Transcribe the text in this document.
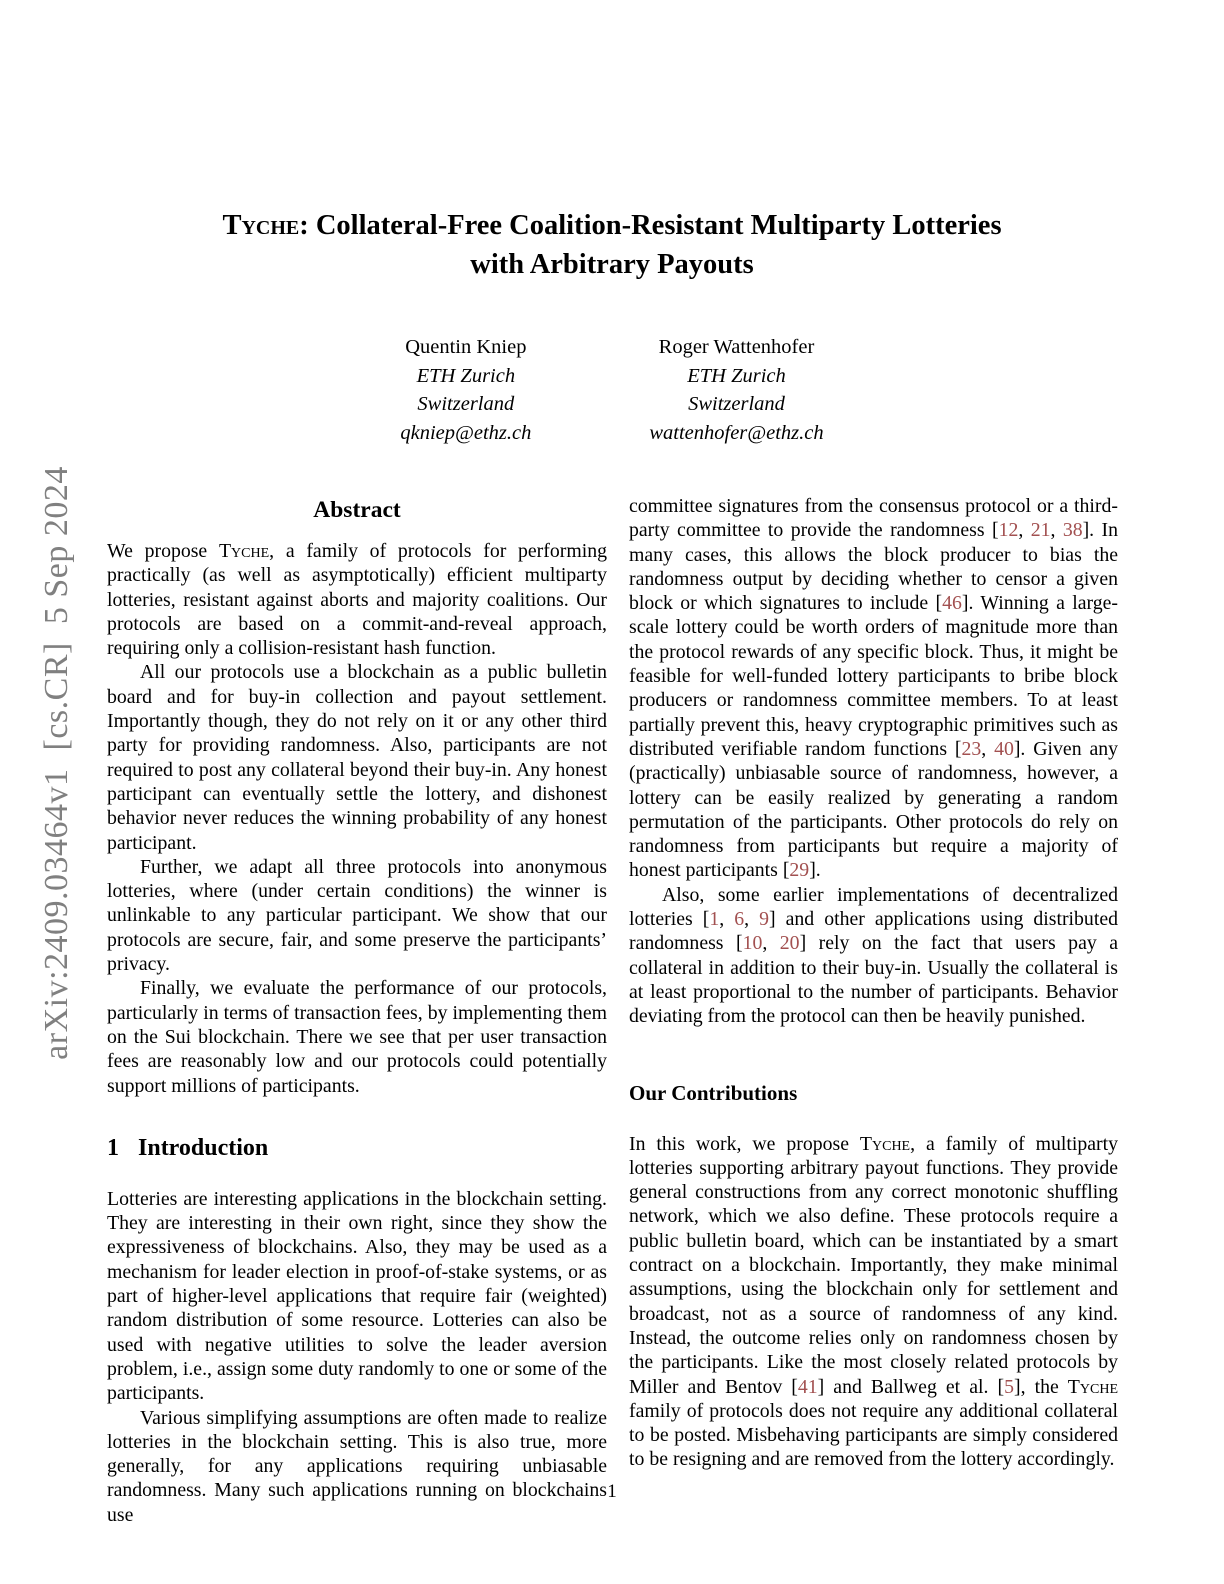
arXiv:2409.03464v1  [cs.CR]  5 Sep 2024
Tyche: Collateral-Free Coalition-Resistant Multiparty Lotteries
with Arbitrary Payouts
Quentin Kniep
ETH Zurich
Switzerland
qkniep@ethz.ch
Roger Wattenhofer
ETH Zurich
Switzerland
wattenhofer@ethz.ch
Abstract

We propose Tyche, a family of protocols for performing practically (as well as asymptotically) efficient multiparty lotteries, resistant against aborts and majority coalitions. Our protocols are based on a commit-and-reveal approach, requiring only a collision-resistant hash function.

All our protocols use a blockchain as a public bulletin board and for buy-in collection and payout settlement. Importantly though, they do not rely on it or any other third party for providing randomness. Also, participants are not required to post any collateral beyond their buy-in. Any honest participant can eventually settle the lottery, and dishonest behavior never reduces the winning probability of any honest participant.

Further, we adapt all three protocols into anonymous lotteries, where (under certain conditions) the winner is unlinkable to any particular participant. We show that our protocols are secure, fair, and some preserve the participants’ privacy.

Finally, we evaluate the performance of our protocols, particularly in terms of transaction fees, by implementing them on the Sui blockchain. There we see that per user transaction fees are reasonably low and our protocols could potentially support millions of participants.

1 Introduction

Lotteries are interesting applications in the blockchain setting. They are interesting in their own right, since they show the expressiveness of blockchains. Also, they may be used as a mechanism for leader election in proof-of-stake systems, or as part of higher-level applications that require fair (weighted) random distribution of some resource. Lotteries can also be used with negative utilities to solve the leader aversion problem, i.e., assign some duty randomly to one or some of the participants.

Various simplifying assumptions are often made to realize lotteries in the blockchain setting. This is also true, more generally, for any applications requiring unbiasable randomness. Many such applications running on blockchains use

committee signatures from the consensus protocol or a third-party committee to provide the randomness [12, 21, 38]. In many cases, this allows the block producer to bias the randomness output by deciding whether to censor a given block or which signatures to include [46]. Winning a large-scale lottery could be worth orders of magnitude more than the protocol rewards of any specific block. Thus, it might be feasible for well-funded lottery participants to bribe block producers or randomness committee members. To at least partially prevent this, heavy cryptographic primitives such as distributed verifiable random functions [23, 40]. Given any (practically) unbiasable source of randomness, however, a lottery can be easily realized by generating a random permutation of the participants. Other protocols do rely on randomness from participants but require a majority of honest participants [29].

Also, some earlier implementations of decentralized lotteries [1, 6, 9] and other applications using distributed randomness [10, 20] rely on the fact that users pay a collateral in addition to their buy-in. Usually the collateral is at least proportional to the number of participants. Behavior deviating from the protocol can then be heavily punished.

Our Contributions

In this work, we propose Tyche, a family of multiparty lotteries supporting arbitrary payout functions. They provide general constructions from any correct monotonic shuffling network, which we also define. These protocols require a public bulletin board, which can be instantiated by a smart contract on a blockchain. Importantly, they make minimal assumptions, using the blockchain only for settlement and broadcast, not as a source of randomness of any kind. Instead, the outcome relies only on randomness chosen by the participants. Like the most closely related protocols by Miller and Bentov [41] and Ballweg et al. [5], the Tyche family of protocols does not require any additional collateral to be posted. Misbehaving participants are simply considered to be resigning and are removed from the lottery accordingly.

1
